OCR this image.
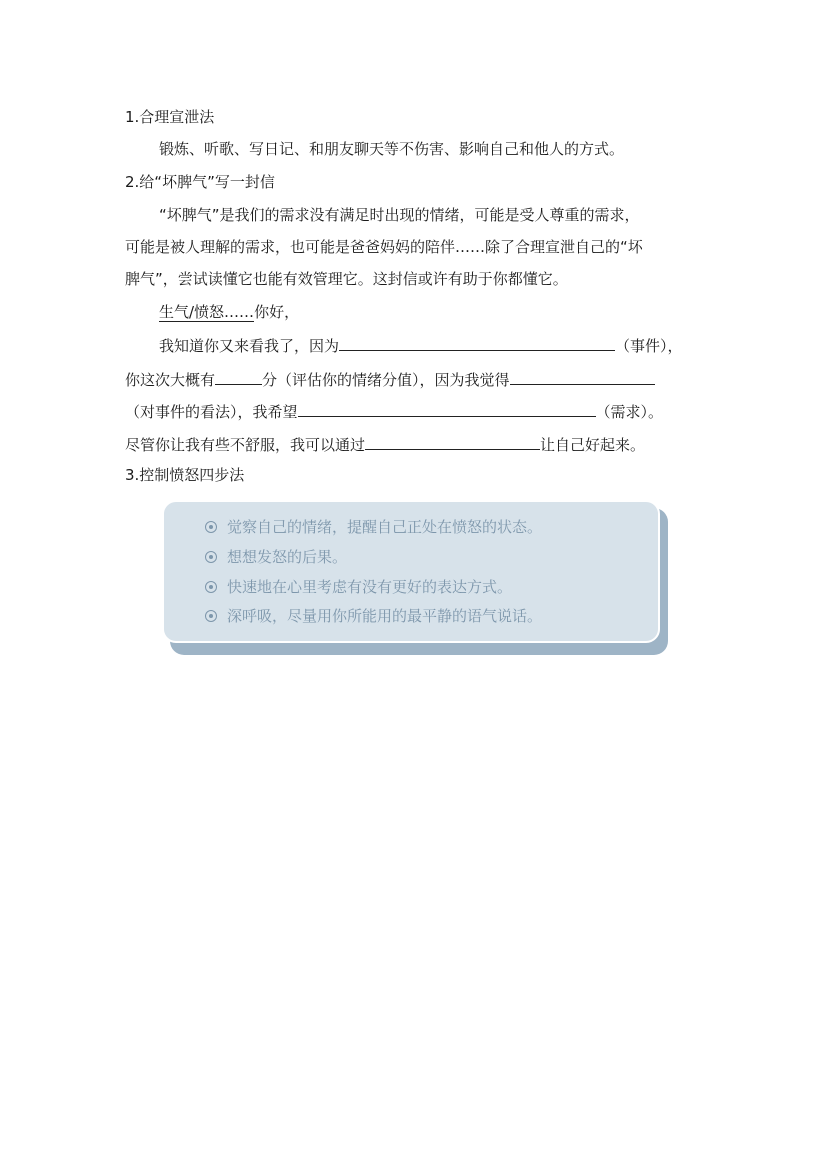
1.合理宣泄法
锻炼、听歌、写日记、和朋友聊天等不伤害、影响自己和他人的方式。
2.给“坏脾气”写一封信
“坏脾气”是我们的需求没有满足时出现的情绪，可能是受人尊重的需求，
可能是被人理解的需求，也可能是爸爸妈妈的陪伴……除了合理宣泄自己的“坏
脾气”，尝试读懂它也能有效管理它。这封信或许有助于你都懂它。
生气/愤怒……你好，
我知道你又来看我了，因为	（事件），
你这次大概有	分（评估你的情绪分值），因为我觉得
（对事件的看法），我希望	（需求）。
尽管你让我有些不舒服，我可以通过	让自己好起来。
3.控制愤怒四步法
觉察自己的情绪，提醒自己正处在愤怒的状态。
想想发怒的后果。
快速地在心里考虑有没有更好的表达方式。
深呼吸，尽量用你所能用的最平静的语气说话。
